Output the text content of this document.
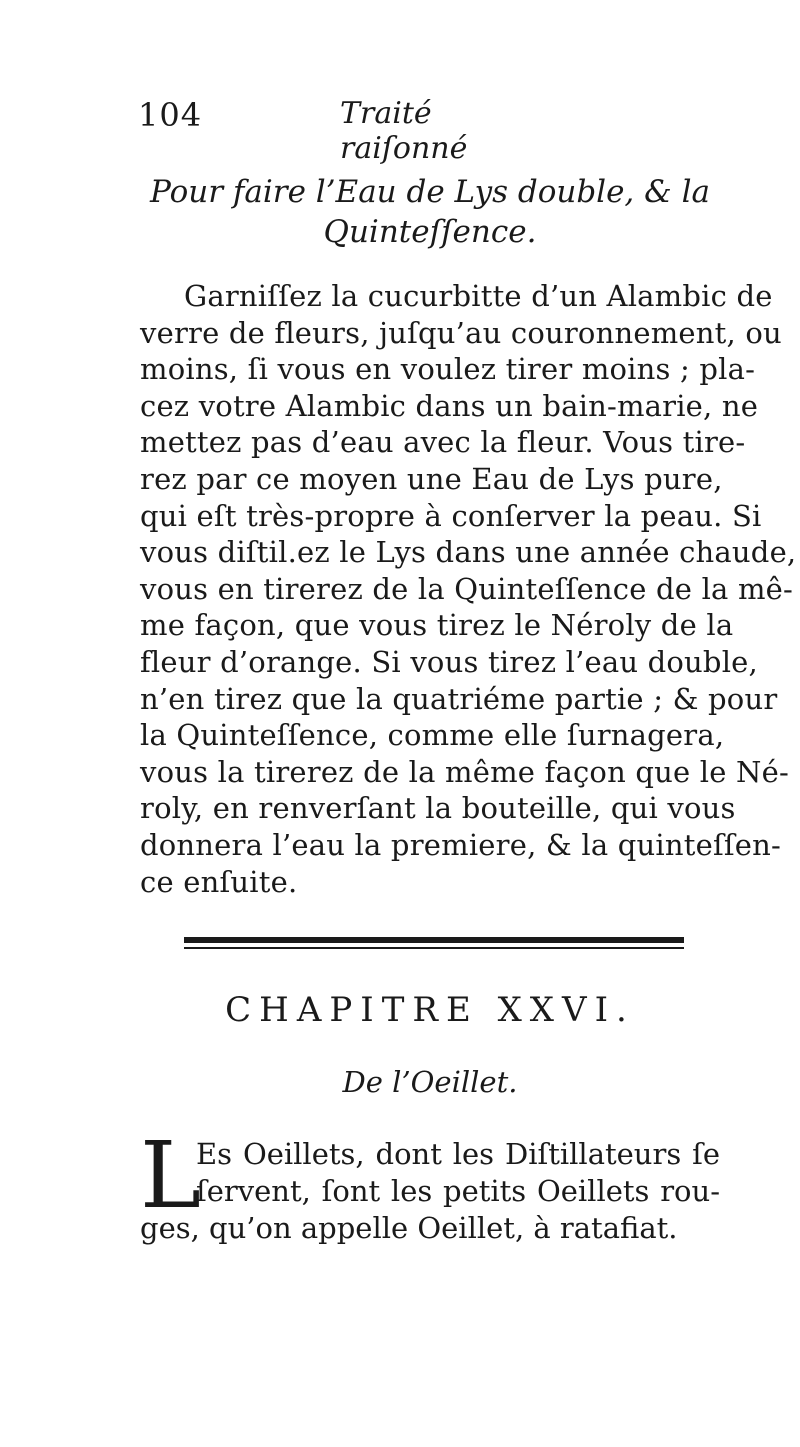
104	Traité raiſonné
Pour faire l’Eau de Lys double, & la
Quinteſſence.
Garniſſez la cucurbitte d’un Alambic de
verre de fleurs, juſqu’au couronnement, ou
moins, ſi vous en voulez tirer moins ; pla-
cez votre Alambic dans un bain-marie, ne
mettez pas d’eau avec la fleur. Vous tire-
rez par ce moyen une Eau de Lys pure,
qui eſt très-propre à conſerver la peau. Si
vous diſtil.ez le Lys dans une année chaude,
vous en tirerez de la Quinteſſence de la mê-
me façon, que vous tirez le Néroly de la
fleur d’orange. Si vous tirez l’eau double,
n’en tirez que la quatriéme partie ; & pour
la Quinteſſence, comme elle ſurnagera,
vous la tirerez de la même façon que le Né-
roly, en renverſant la bouteille, qui vous
donnera l’eau la premiere, & la quinteſſen-
ce enſuite.
CHAPITRE XXVI.
De l’Oeillet.
L
Es Oeillets, dont les Diſtillateurs ſe
ſervent, ſont les petits Oeillets rou-
ges, qu’on appelle Oeillet, à ratafiat.
